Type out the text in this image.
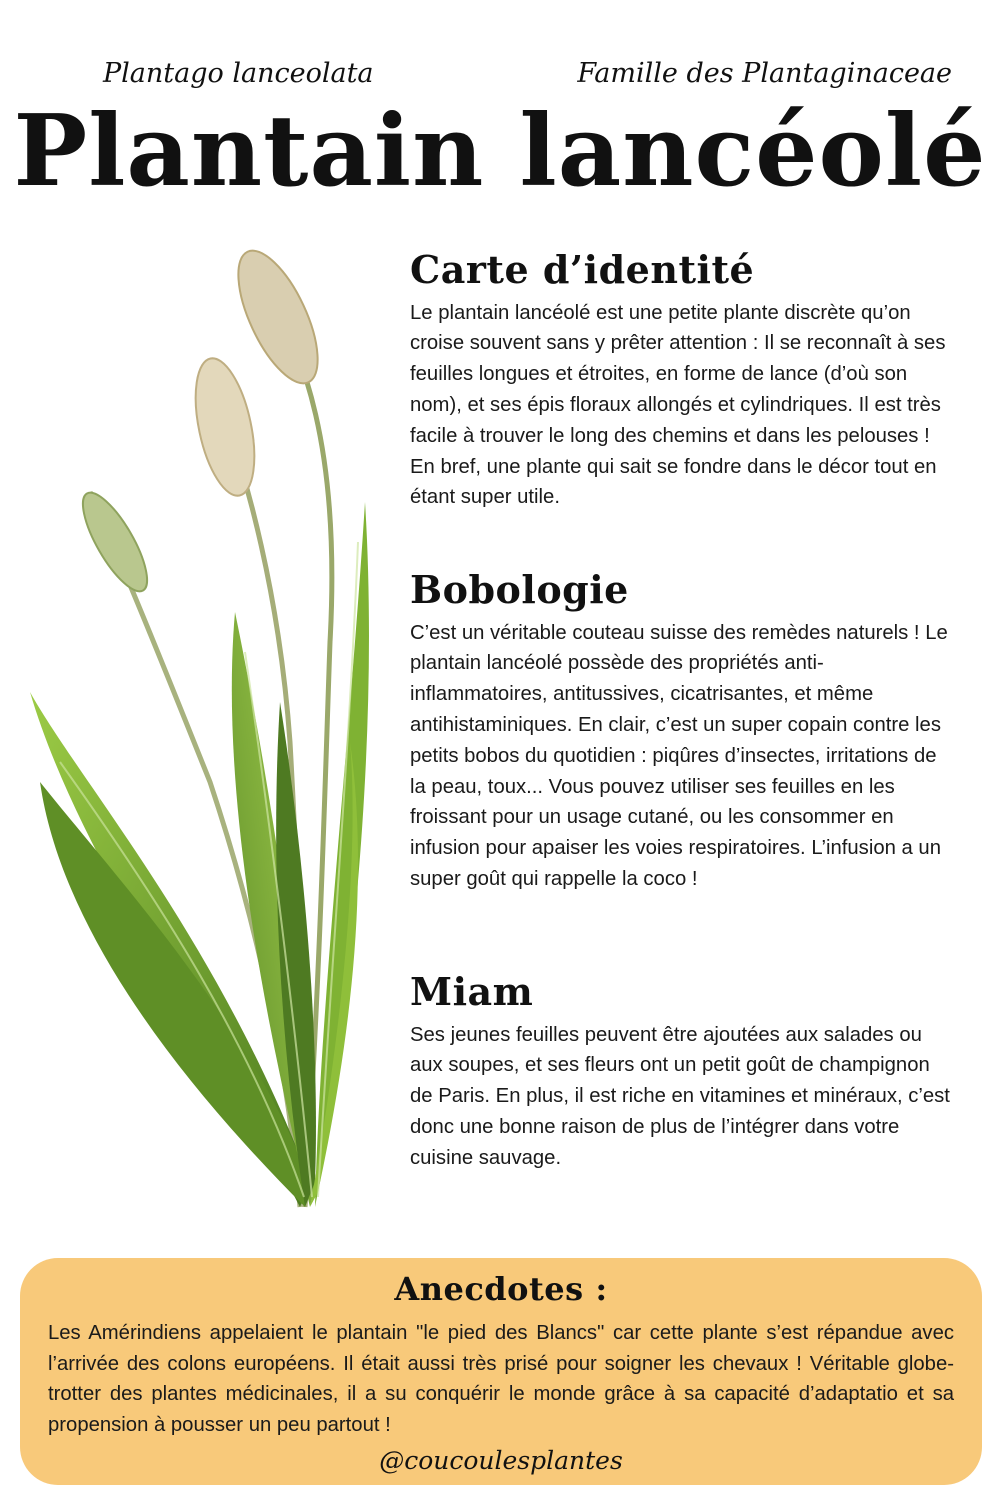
Plantago lanceolata	Famille des Plantaginaceae
Plantain lancéolé
Carte d’identité

Le plantain lancéolé est une petite plante discrète qu’on croise souvent sans y prêter attention : Il se reconnaît à ses feuilles longues et étroites, en forme de lance (d’où son nom), et ses épis floraux allongés et cylindriques. Il est très facile à trouver le long des chemins et dans les pelouses ! En bref, une plante qui sait se fondre dans le décor tout en étant super utile.

Bobologie

C’est un véritable couteau suisse des remèdes naturels ! Le plantain lancéolé possède des propriétés anti-inflammatoires, antitussives, cicatrisantes, et même antihistaminiques. En clair, c’est un super copain contre les petits bobos du quotidien : piqûres d’insectes, irritations de la peau, toux... Vous pouvez utiliser ses feuilles en les froissant pour un usage cutané, ou les consommer en infusion pour apaiser les voies respiratoires. L’infusion a un super goût qui rappelle la coco !

Miam

Ses jeunes feuilles peuvent être ajoutées aux salades ou aux soupes, et ses fleurs ont un petit goût de champignon de Paris. En plus, il est riche en vitamines et minéraux, c’est donc une bonne raison de plus de l’intégrer dans votre cuisine sauvage.

Anecdotes :

Les Amérindiens appelaient le plantain "le pied des Blancs" car cette plante s’est répandue avec l’arrivée des colons européens. Il était aussi très prisé pour soigner les chevaux ! Véritable globe-trotter des plantes médicinales, il a su conquérir le monde grâce à sa capacité d’adaptatio et sa propension à pousser un peu partout !

@coucoulesplantes
